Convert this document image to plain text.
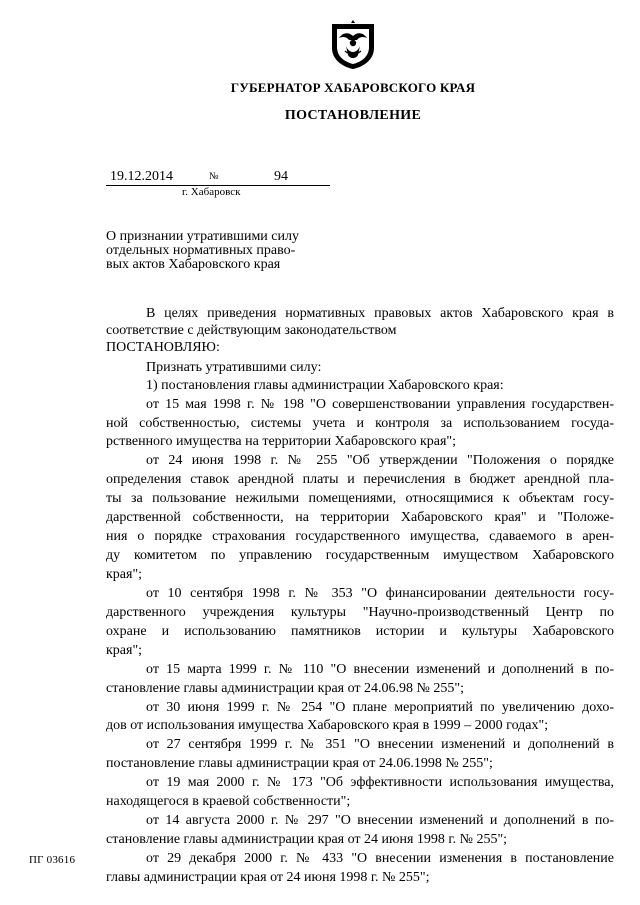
ГУБЕРНАТОР ХАБАРОВСКОГО КРАЯ
ПОСТАНОВЛЕНИЕ
19.12.2014	№	94
г. Хабаровск
О признании утратившими силу
отдельных нормативных право-
вых актов Хабаровского края
В целях приведения нормативных правовых актов Хабаровского края в
соответствие с действующим законодательством
ПОСТАНОВЛЯЮ:
Признать утратившими силу:
1) постановления главы администрации Хабаровского края:
от 15 мая 1998 г. № 198 "О совершенствовании управления государствен-
ной собственностью, системы учета и контроля за использованием госуда-
рственного имущества на территории Хабаровского края";
от 24 июня 1998 г. № 255 "Об утверждении "Положения о порядке
определения ставок арендной платы и перечисления в бюджет арендной пла-
ты за пользование нежилыми помещениями, относящимися к объектам госу-
дарственной собственности, на территории Хабаровского края" и "Положе-
ния о порядке страхования государственного имущества, сдаваемого в арен-
ду комитетом по управлению государственным имуществом Хабаровского
края";
от 10 сентября 1998 г. № 353 "О финансировании деятельности госу-
дарственного учреждения культуры "Научно-производственный Центр по
охране и использованию памятников истории и культуры Хабаровского
края";
от 15 марта 1999 г. № 110 "О внесении изменений и дополнений в по-
становление главы администрации края от 24.06.98 № 255";
от 30 июня 1999 г. № 254 "О плане мероприятий по увеличению дохо-
дов от использования имущества Хабаровского края в 1999 – 2000 годах";
от 27 сентября 1999 г. № 351 "О внесении изменений и дополнений в
постановление главы администрации края от 24.06.1998 № 255";
от 19 мая 2000 г. № 173 "Об эффективности использования имущества,
находящегося в краевой собственности";
от 14 августа 2000 г. № 297 "О внесении изменений и дополнений в по-
становление главы администрации края от 24 июня 1998 г. № 255";
от 29 декабря 2000 г. № 433 "О внесении изменения в постановление
главы администрации края от 24 июня 1998 г. № 255";
ПГ 03616
